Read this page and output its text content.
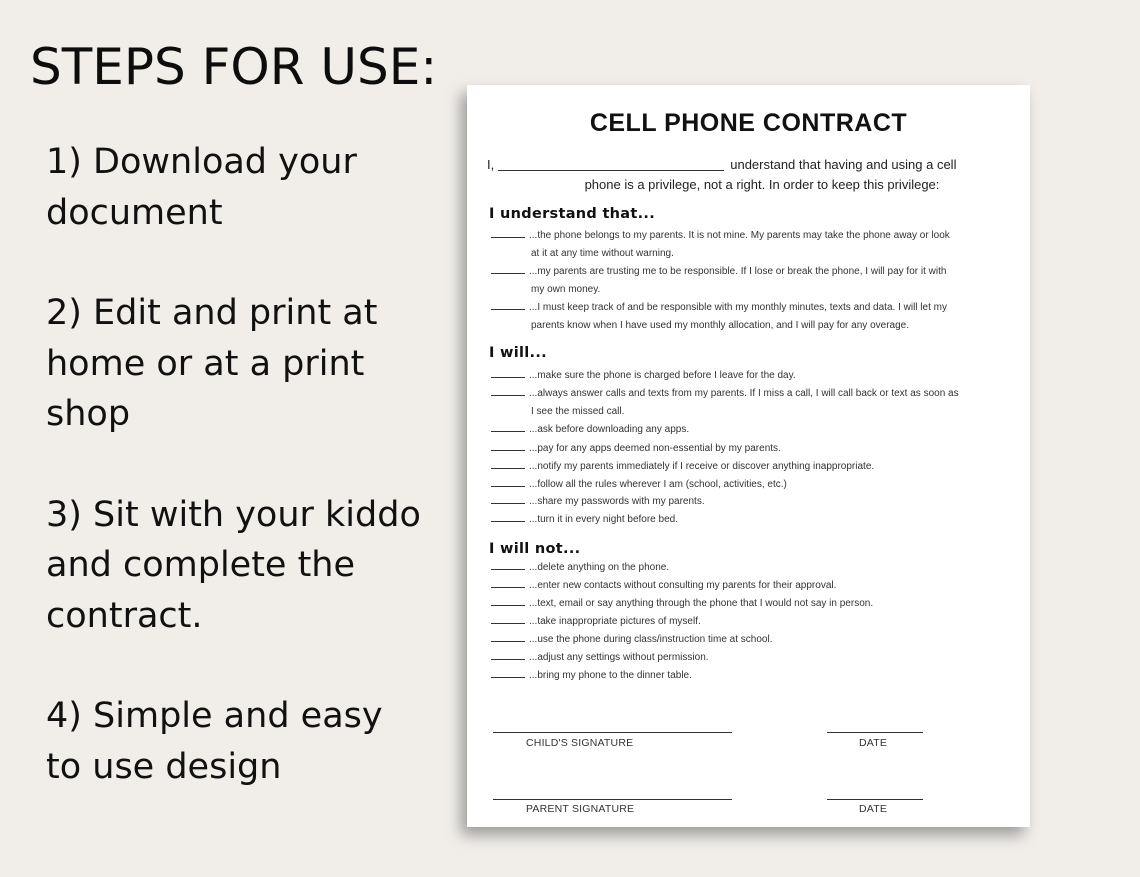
STEPS FOR USE:
1) Download your
document
2) Edit and print at
home or at a print
shop
3) Sit with your kiddo
and complete the
contract.
4) Simple and easy
to use design
CELL PHONE CONTRACT
I,	understand that having and using a cell
phone is a privilege, not a right. In order to keep this privilege:
I understand that...
...the phone belongs to my parents. It is not mine. My parents may take the phone away or look
at it at any time without warning.
...my parents are trusting me to be responsible. If I lose or break the phone, I will pay for it with
my own money.
...I must keep track of and be responsible with my monthly minutes, texts and data. I will let my
parents know when I have used my monthly allocation, and I will pay for any overage.
I will...
...make sure the phone is charged before I leave for the day.
...always answer calls and texts from my parents. If I miss a call, I will call back or text as soon as
I see the missed call.
...ask before downloading any apps.
...pay for any apps deemed non-essential by my parents.
...notify my parents immediately if I receive or discover anything inappropriate.
...follow all the rules wherever I am (school, activities, etc.)
...share my passwords with my parents.
...turn it in every night before bed.
I will not...
...delete anything on the phone.
...enter new contacts without consulting my parents for their approval.
...text, email or say anything through the phone that I would not say in person.
...take inappropriate pictures of myself.
...use the phone during class/instruction time at school.
...adjust any settings without permission.
...bring my phone to the dinner table.
CHILD'S SIGNATURE	DATE
PARENT SIGNATURE	DATE
